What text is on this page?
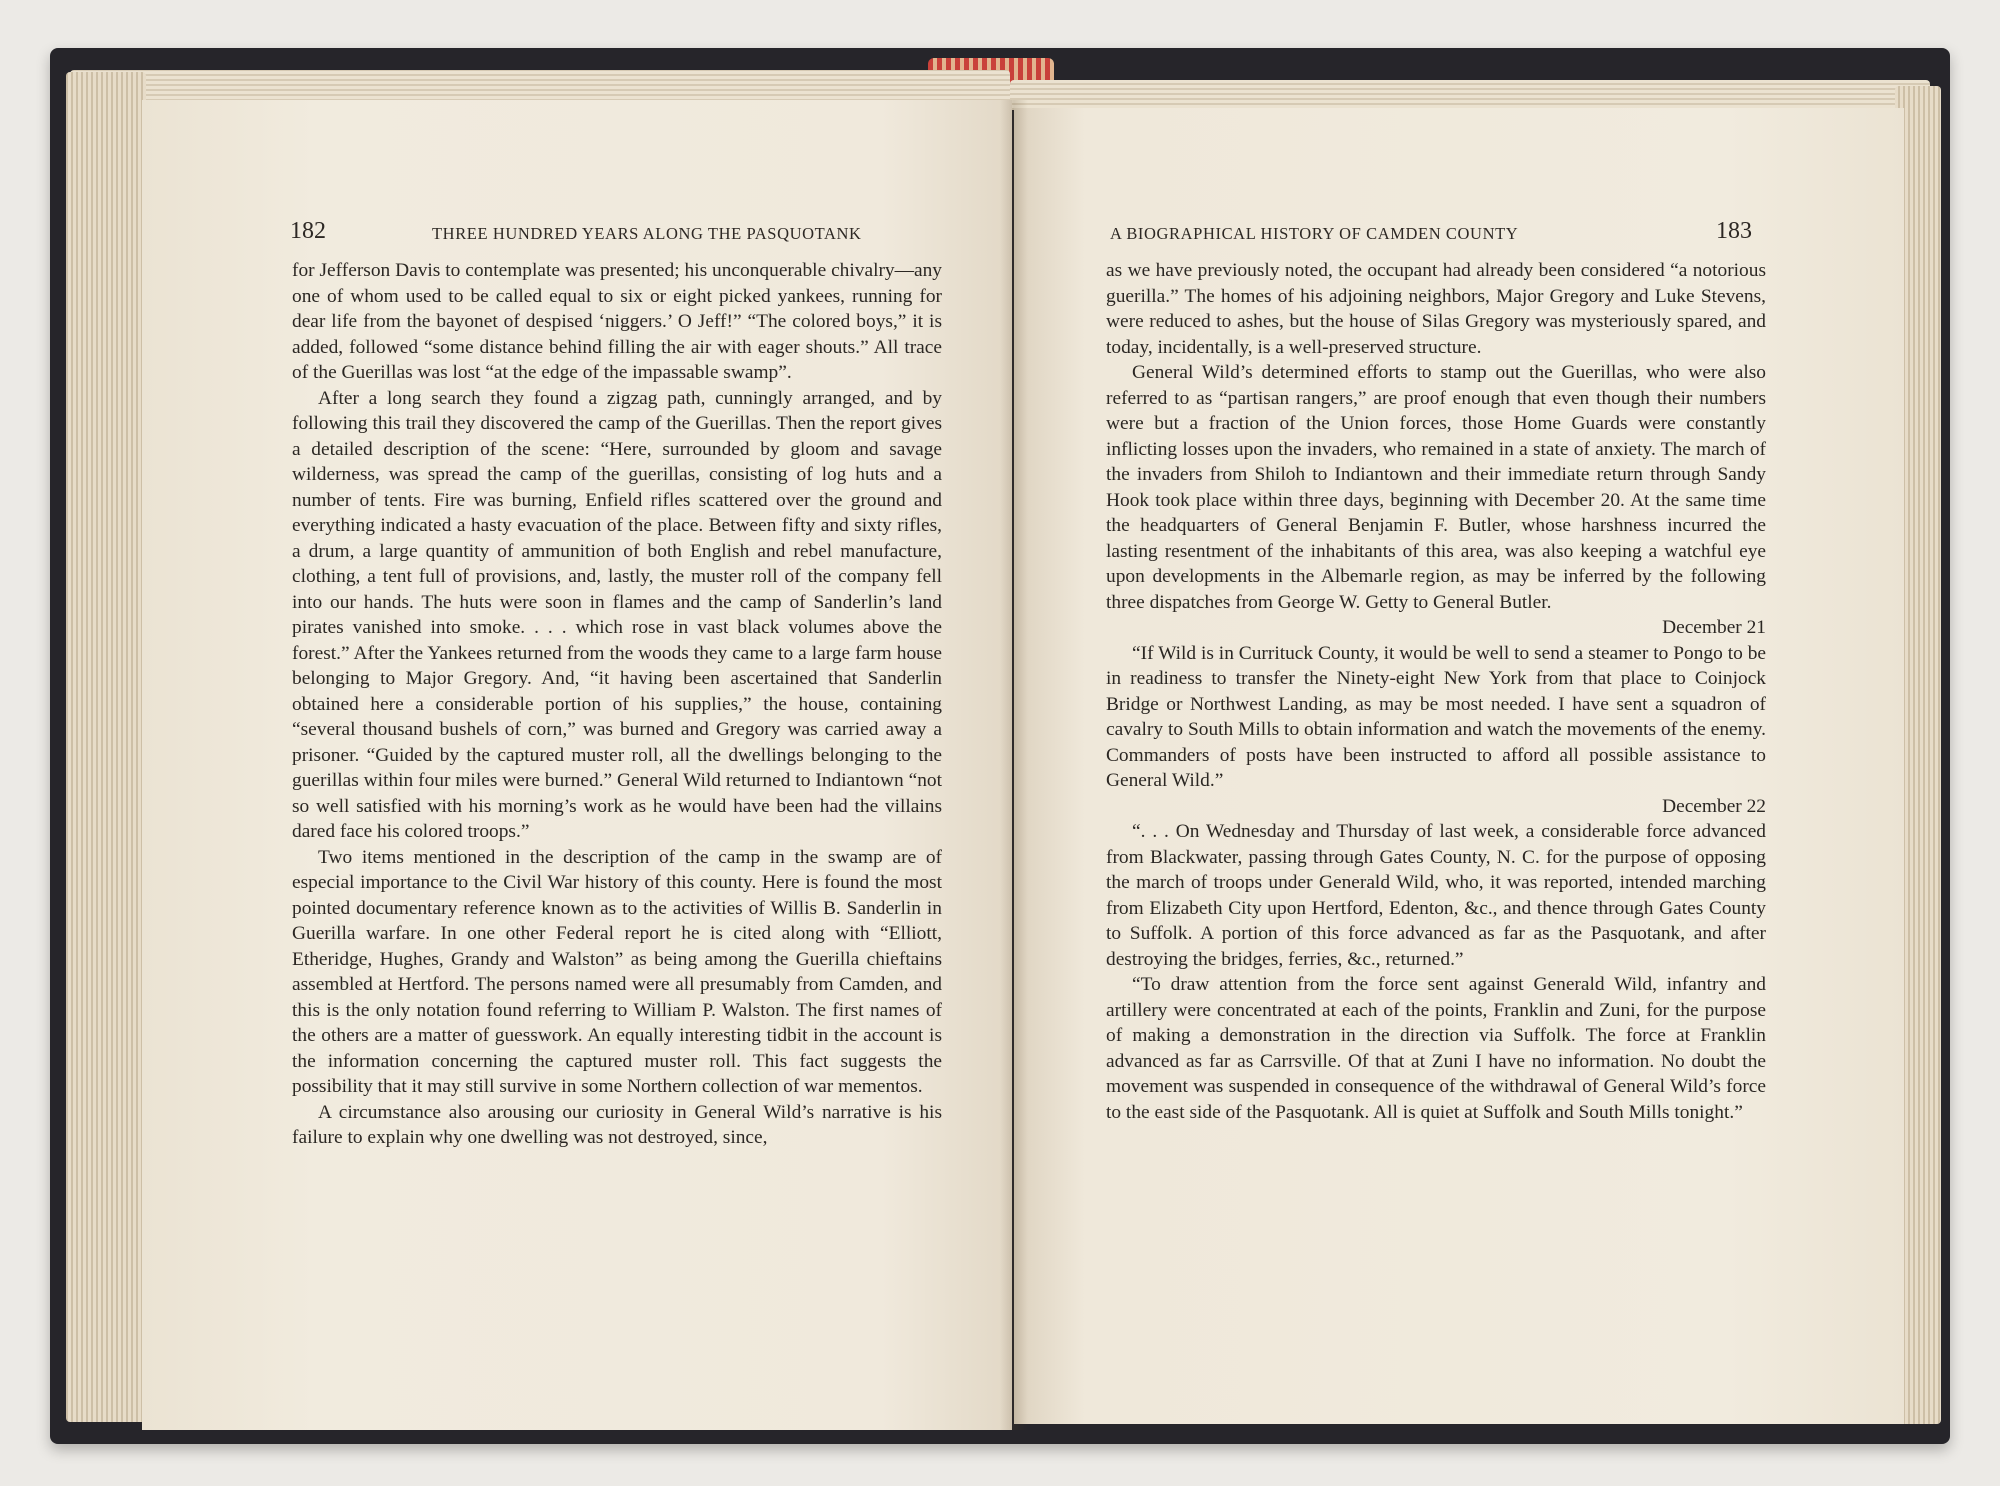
182	THREE HUNDRED YEARS ALONG THE PASQUOTANK

for Jefferson Davis to contemplate was presented; his unconquerable chivalry—any one of whom used to be called equal to six or eight picked yankees, running for dear life from the bayonet of despised ‘niggers.’ O Jeff!” “The colored boys,” it is added, followed “some distance behind filling the air with eager shouts.” All trace of the Guerillas was lost “at the edge of the impassable swamp”.

After a long search they found a zigzag path, cunningly arranged, and by following this trail they discovered the camp of the Guerillas. Then the report gives a detailed description of the scene: “Here, surrounded by gloom and savage wilderness, was spread the camp of the guerillas, consisting of log huts and a number of tents. Fire was burning, Enfield rifles scattered over the ground and everything indicated a hasty evacuation of the place. Between fifty and sixty rifles, a drum, a large quantity of ammunition of both English and rebel manufacture, clothing, a tent full of provisions, and, lastly, the muster roll of the company fell into our hands. The huts were soon in flames and the camp of Sanderlin’s land pirates vanished into smoke. . . . which rose in vast black volumes above the forest.” After the Yankees returned from the woods they came to a large farm house belonging to Major Gregory. And, “it having been ascertained that Sanderlin obtained here a considerable portion of his supplies,” the house, containing “several thousand bushels of corn,” was burned and Gregory was carried away a prisoner. “Guided by the captured muster roll, all the dwellings belonging to the guerillas within four miles were burned.” General Wild returned to Indiantown “not so well satisfied with his morning’s work as he would have been had the villains dared face his colored troops.”

Two items mentioned in the description of the camp in the swamp are of especial importance to the Civil War history of this county. Here is found the most pointed documentary reference known as to the activities of Willis B. Sanderlin in Guerilla warfare. In one other Federal report he is cited along with “Elliott, Etheridge, Hughes, Grandy and Walston” as being among the Guerilla chieftains assembled at Hertford. The persons named were all presumably from Camden, and this is the only notation found referring to William P. Walston. The first names of the others are a matter of guesswork. An equally interesting tidbit in the account is the information concerning the captured muster roll. This fact suggests the possibility that it may still survive in some Northern collection of war mementos.

A circumstance also arousing our curiosity in General Wild’s narrative is his failure to explain why one dwelling was not destroyed, since,

A BIOGRAPHICAL HISTORY OF CAMDEN COUNTY	183

as we have previously noted, the occupant had already been considered “a notorious guerilla.” The homes of his adjoining neighbors, Major Gregory and Luke Stevens, were reduced to ashes, but the house of Silas Gregory was mysteriously spared, and today, incidentally, is a well-preserved structure.

General Wild’s determined efforts to stamp out the Guerillas, who were also referred to as “partisan rangers,” are proof enough that even though their numbers were but a fraction of the Union forces, those Home Guards were constantly inflicting losses upon the invaders, who remained in a state of anxiety. The march of the invaders from Shiloh to Indiantown and their immediate return through Sandy Hook took place within three days, beginning with December 20. At the same time the headquarters of General Benjamin F. Butler, whose harshness incurred the lasting resentment of the inhabitants of this area, was also keeping a watchful eye upon developments in the Albemarle region, as may be inferred by the following three dispatches from George W. Getty to General Butler.

December 21

“If Wild is in Currituck County, it would be well to send a steamer to Pongo to be in readiness to transfer the Ninety-eight New York from that place to Coinjock Bridge or Northwest Landing, as may be most needed. I have sent a squadron of cavalry to South Mills to obtain information and watch the movements of the enemy. Commanders of posts have been instructed to afford all possible assistance to General Wild.”

December 22

“. . . On Wednesday and Thursday of last week, a considerable force advanced from Blackwater, passing through Gates County, N. C. for the purpose of opposing the march of troops under Generald Wild, who, it was reported, intended marching from Elizabeth City upon Hertford, Edenton, &c., and thence through Gates County to Suffolk. A portion of this force advanced as far as the Pasquotank, and after destroying the bridges, ferries, &c., returned.”

“To draw attention from the force sent against Generald Wild, infantry and artillery were concentrated at each of the points, Franklin and Zuni, for the purpose of making a demonstration in the direction via Suffolk. The force at Franklin advanced as far as Carrsville. Of that at Zuni I have no information. No doubt the movement was suspended in consequence of the withdrawal of General Wild’s force to the east side of the Pasquotank. All is quiet at Suffolk and South Mills tonight.”
